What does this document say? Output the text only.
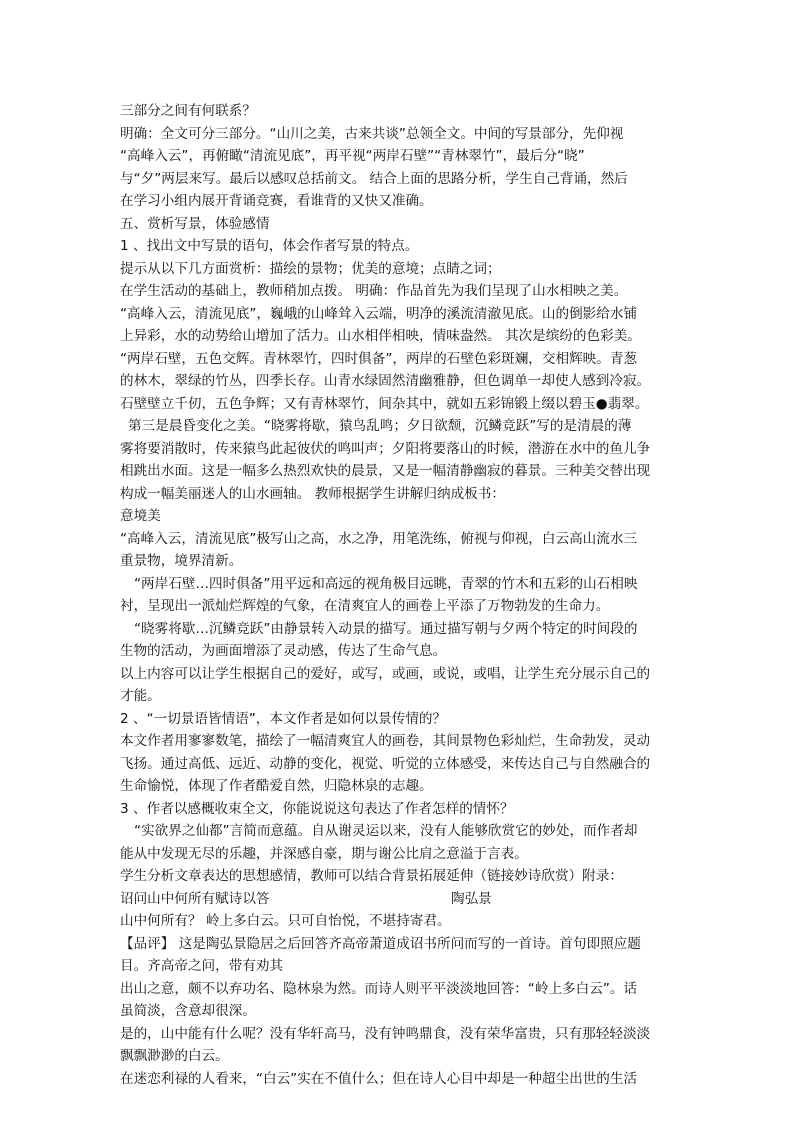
三部分之间有何联系？

明确：全文可分三部分。“山川之美，古来共谈”总领全文。中间的写景部分，先仰视

“高峰入云”，再俯瞰“清流见底”，再平视“两岸石壁”“青林翠竹”，最后分“晓”

与“夕”两层来写。最后以感叹总括前文。 结合上面的思路分析，学生自己背诵，然后

在学习小组内展开背诵竞赛，看谁背的又快又准确。

五、赏析写景，体验感情

1 、找出文中写景的语句，体会作者写景的特点。

提示从以下几方面赏析：描绘的景物；优美的意境；点睛之词；

在学生活动的基础上，教师稍加点拨。 明确：作品首先为我们呈现了山水相映之美。

“高峰入云，清流见底”，巍峨的山峰耸入云端，明净的溪流清澈见底。山的倒影给水铺

上异彩，水的动势给山增加了活力。山水相伴相映，情味盎然。 其次是缤纷的色彩美。

“两岸石壁，五色交辉。青林翠竹，四时俱备”，两岸的石壁色彩斑斓，交相辉映。青葱

的林木，翠绿的竹丛，四季长存。山青水绿固然清幽雅静，但色调单一却使人感到冷寂。

石壁壁立千仞，五色争辉；又有青林翠竹，间杂其中，就如五彩锦锻上缀以碧玉●翡翠。

第三是晨昏变化之美。“晓雾将歇，猿鸟乱鸣；夕日欲颓，沉鳞竞跃”写的是清晨的薄

雾将要消散时，传来猿鸟此起彼伏的鸣叫声；夕阳将要落山的时候，潜游在水中的鱼儿争

相跳出水面。这是一幅多么热烈欢快的晨景，又是一幅清静幽寂的暮景。三种美交替出现

构成一幅美丽迷人的山水画轴。 教师根据学生讲解归纳成板书：

意境美

“高峰入云，清流见底”极写山之高，水之净，用笔洗练，俯视与仰视，白云高山流水三

重景物，境界清新。

“两岸石壁…四时俱备”用平远和高远的视角极目远眺，青翠的竹木和五彩的山石相映

衬，呈现出一派灿烂辉煌的气象，在清爽宜人的画卷上平添了万物勃发的生命力。

“晓雾将歇…沉鳞竞跃”由静景转入动景的描写。通过描写朝与夕两个特定的时间段的

生物的活动，为画面增添了灵动感，传达了生命气息。

以上内容可以让学生根据自己的爱好，或写，或画，或说，或唱，让学生充分展示自己的

才能。

2 、“一切景语皆情语”，本文作者是如何以景传情的？

本文作者用寥寥数笔，描绘了一幅清爽宜人的画卷，其间景物色彩灿烂，生命勃发，灵动

飞扬。通过高低、远近、动静的变化，视觉、听觉的立体感受，来传达自己与自然融合的

生命愉悦，体现了作者酷爱自然，归隐林泉的志趣。

3 、作者以感概收束全文，你能说说这句表达了作者怎样的情怀？

“实欲界之仙都”言简而意蕴。自从谢灵运以来，没有人能够欣赏它的妙处，而作者却

能从中发现无尽的乐趣，并深感自豪，期与谢公比肩之意溢于言表。

学生分析文章表达的思想感情，教师可以结合背景拓展延伸（链接妙诗欣赏）附录：

诏问山中何所有赋诗以答	陶弘景

山中何所有？ 岭上多白云。只可自怡悦，不堪持寄君。

【品评】 这是陶弘景隐居之后回答齐高帝萧道成诏书所问而写的一首诗。首句即照应题

目。齐高帝之问，带有劝其

出山之意，颇不以弃功名、隐林泉为然。而诗人则平平淡淡地回答：“岭上多白云”。话

虽简淡，含意却很深。

是的，山中能有什么呢？没有华轩高马，没有钟鸣鼎食，没有荣华富贵，只有那轻轻淡淡

飘飘渺渺的白云。

在迷恋利禄的人看来，“白云”实在不值什么；但在诗人心目中却是一种超尘出世的生活
